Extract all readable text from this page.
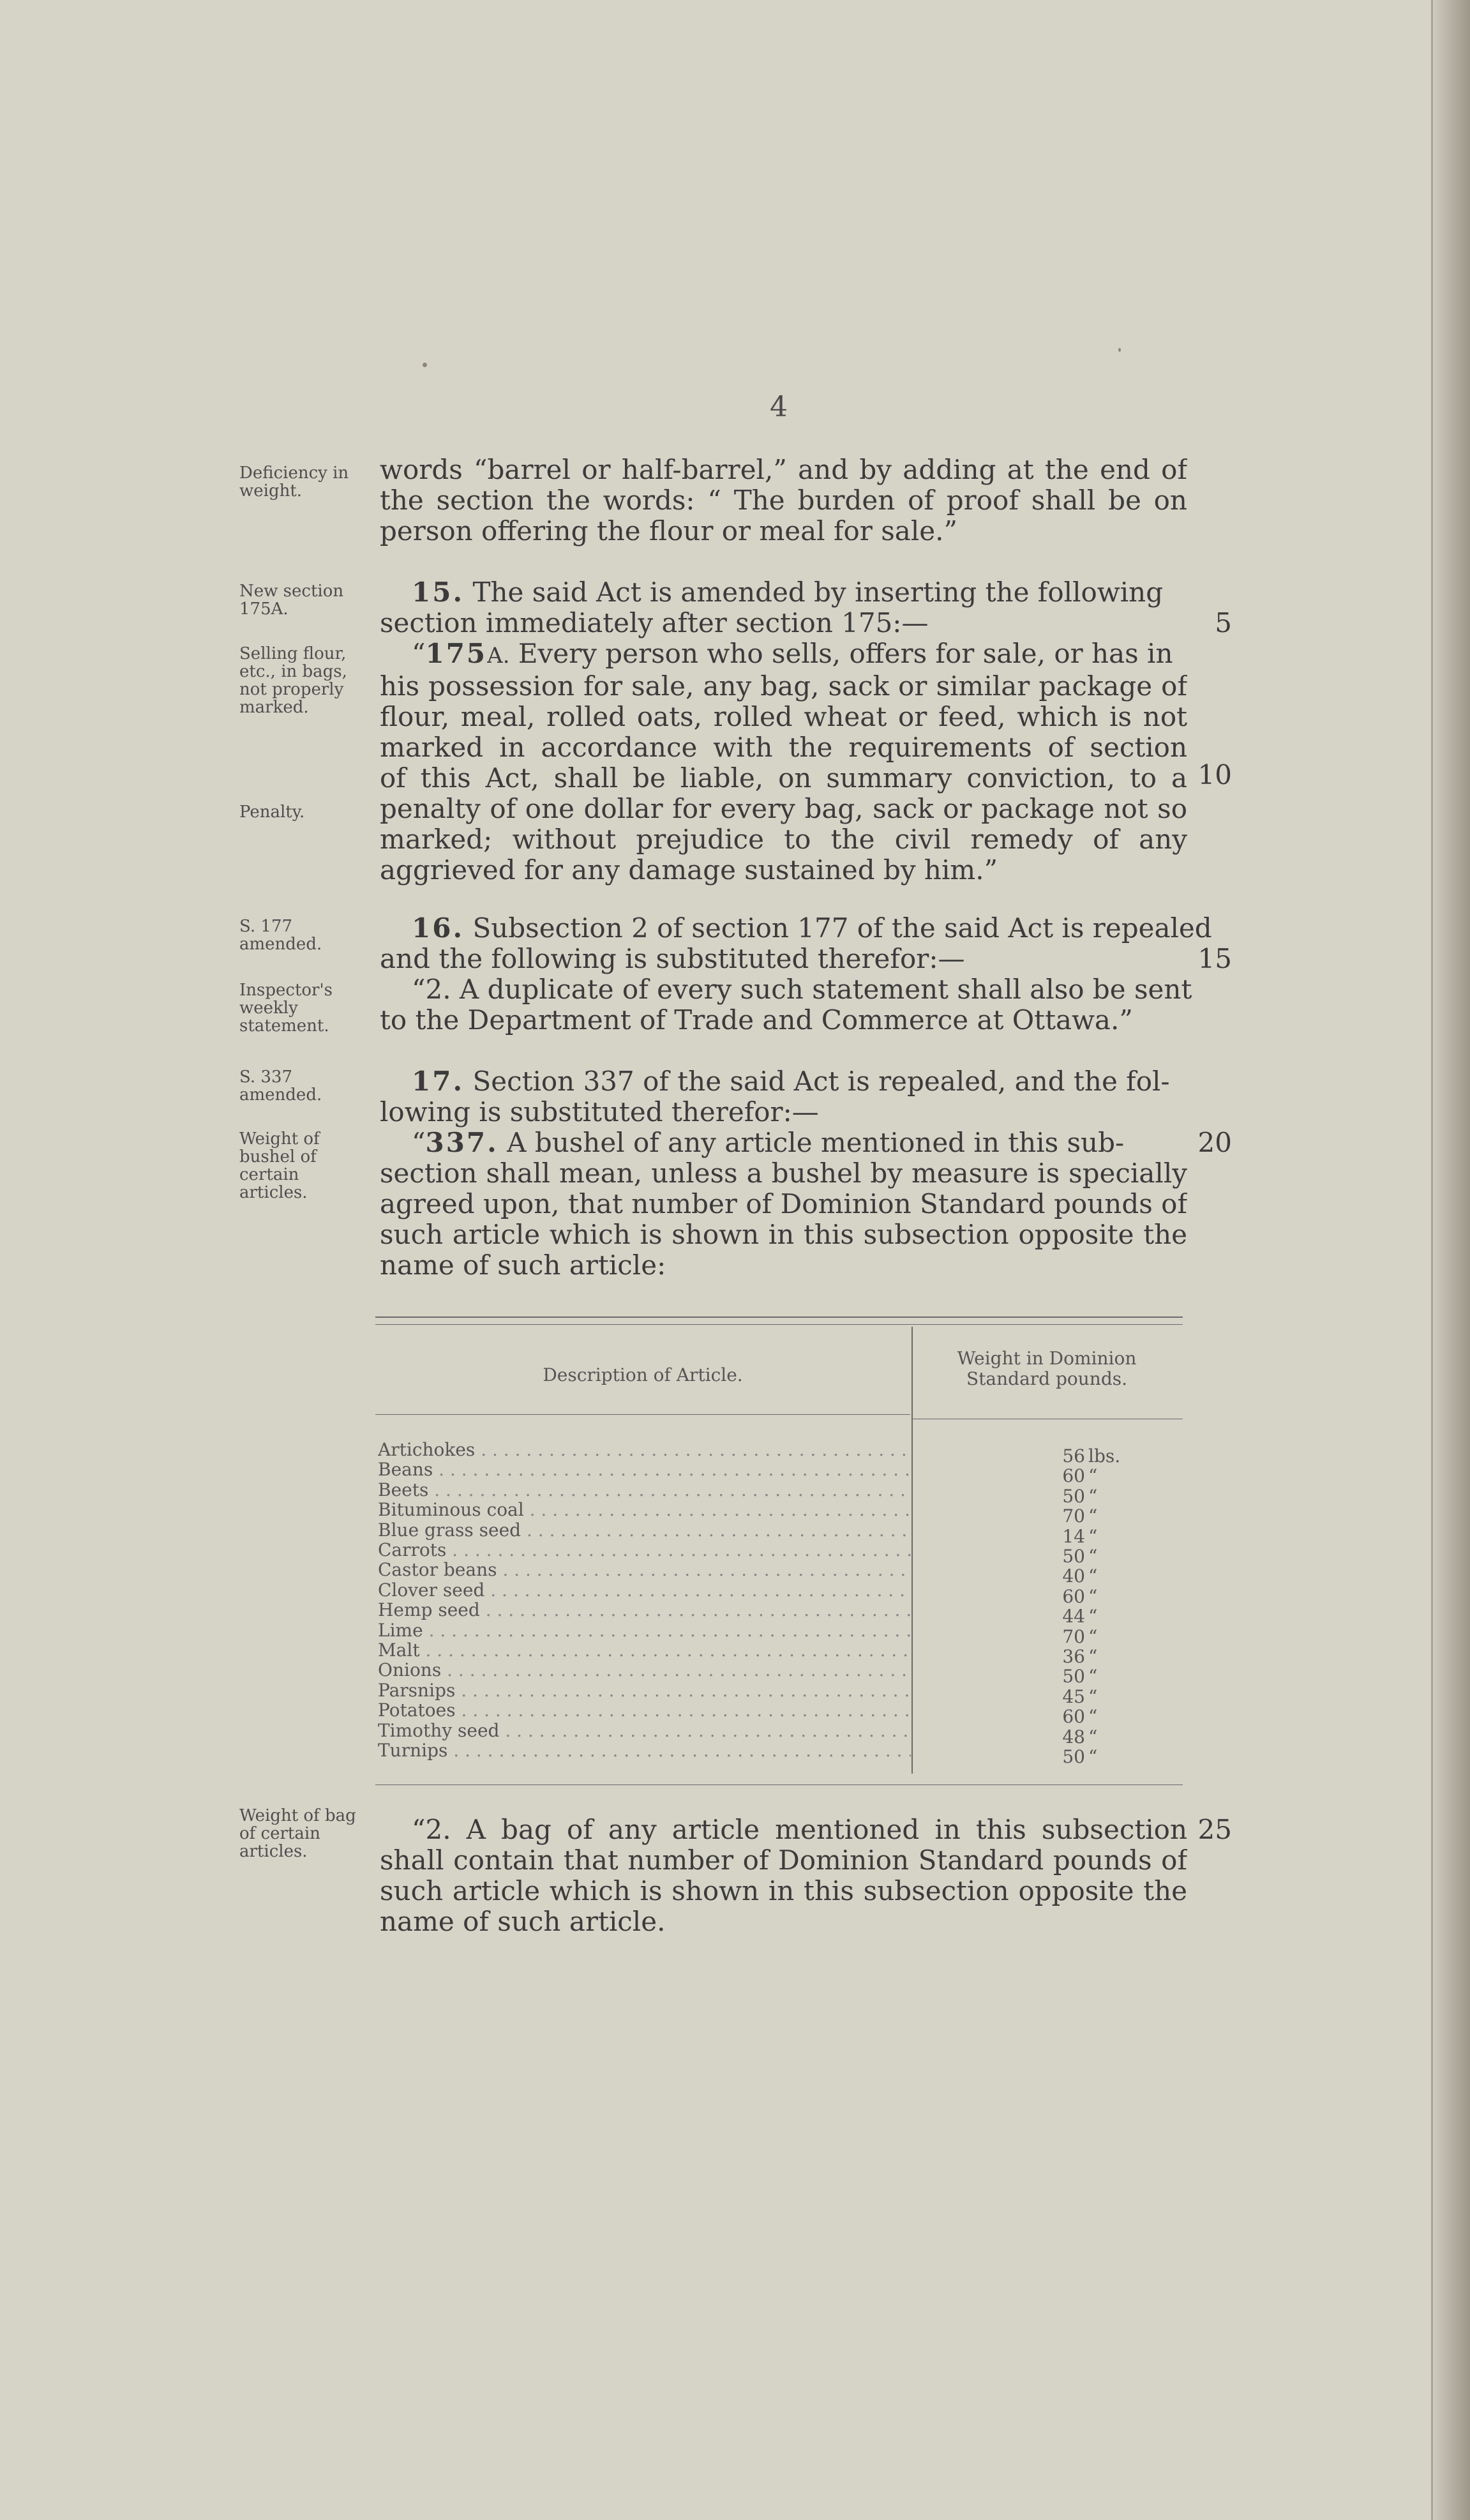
4
Deficiency in weight.
New section 175A.
Selling flour, etc., in bags, not properly marked.
Penalty.
S. 177 amended.
Inspector's weekly statement.
S. 337 amended.
Weight of bushel of certain articles.
Weight of bag of certain articles.
words “barrel or half-barrel,” and by adding at the end of
the section the words: “ The burden of proof shall be on
person offering the flour or meal for sale.”
15. The said Act is amended by inserting the following
section immediately after section 175:—
“175A. Every person who sells, offers for sale, or has in
his possession for sale, any bag, sack or similar package of
flour, meal, rolled oats, rolled wheat or feed, which is not
marked in accordance with the requirements of section
of this Act, shall be liable, on summary conviction, to a
penalty of one dollar for every bag, sack or package not so
marked; without prejudice to the civil remedy of any
aggrieved for any damage sustained by him.”
16. Subsection 2 of section 177 of the said Act is repealed
and the following is substituted therefor:—
“2. A duplicate of every such statement shall also be sent
to the Department of Trade and Commerce at Ottawa.”
17. Section 337 of the said Act is repealed, and the fol-
lowing is substituted therefor:—
“337. A bushel of any article mentioned in this sub-
section shall mean, unless a bushel by measure is specially
agreed upon, that number of Dominion Standard pounds of
such article which is shown in this subsection opposite the
name of such article:
5
10
15
20
25
Description of Article.
Weight in Dominion Standard pounds.
Artichokes . . .	56 lbs.
Beans . . .	60 “
Beets . . .	50 “
Bituminous coal . . .	70 “
Blue grass seed . . .	14 “
Carrots . . .	50 “
Castor beans . . .	40 “
Clover seed . . .	60 “
Hemp seed . . .	44 “
Lime . . .	70 “
Malt . . .	36 “
Onions . . .	50 “
Parsnips . . .	45 “
Potatoes . . .	60 “
Timothy seed . . .	48 “
Turnips . . .	50 “
“2. A bag of any article mentioned in this subsection
shall contain that number of Dominion Standard pounds of
such article which is shown in this subsection opposite the
name of such article.
